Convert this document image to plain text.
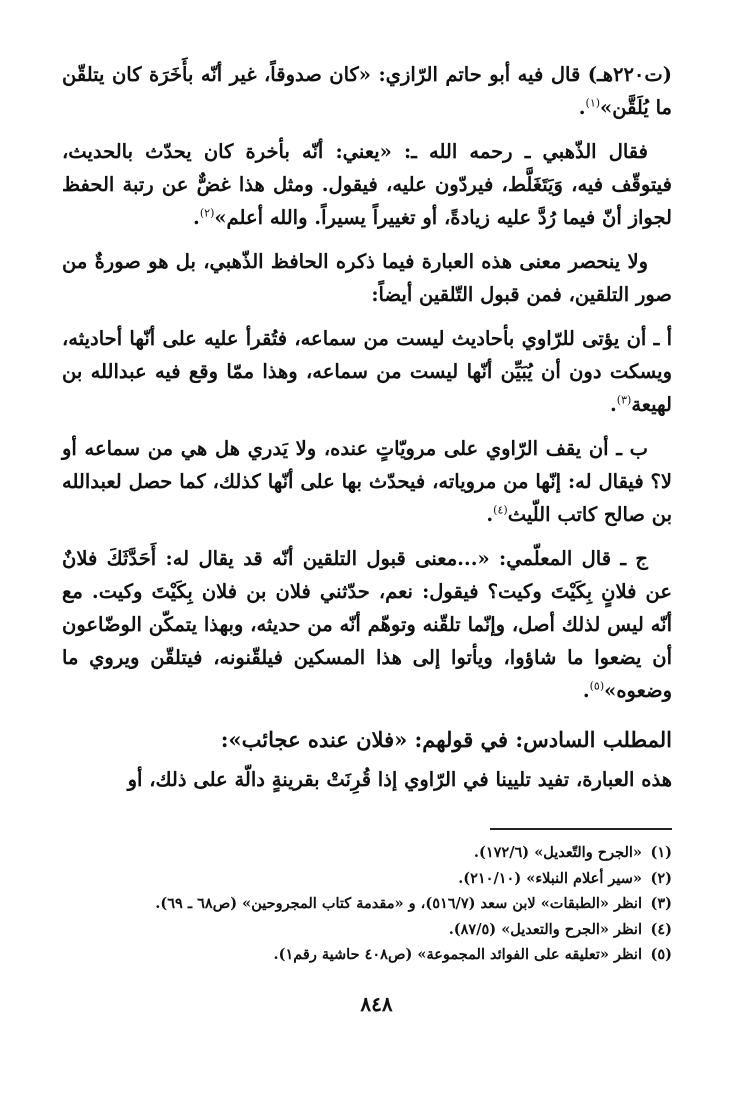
(ت٢٢٠هـ) قال فيه أبو حاتم الرّازي: «كان صدوقاً، غير أنّه بأَخَرَة كان يتلقّن ما يُلَقَّن»$^{(١)}$.

فقال الذّهبي ـ رحمه الله ـ: «يعني: أنّه بأخرة كان يحدّث بالحديث، فيتوقّف فيه، وَيَتَغَلَّط، فيردّون عليه، فيقول. ومثل هذا غضٌّ عن رتبة الحفظ لجواز أنّ فيما رُدَّ عليه زيادةً، أو تغييراً يسيراً. والله أعلم»$^{(٢)}$.

ولا ينحصر معنى هذه العبارة فيما ذكره الحافظ الذّهبي، بل هو صورةٌ من صور التلقين، فمن قبول التّلقين أيضاً:

أ ـ أن يؤتى للرّاوي بأحاديث ليست من سماعه، فتُقرأ عليه على أنّها أحاديثه، ويسكت دون أن يُبَيِّن أنّها ليست من سماعه، وهذا ممّا وقع فيه عبدالله بن لهيعة$^{(٣)}$.

ب ـ أن يقف الرّاوي على مرويّاتٍ عنده، ولا يَدري هل هي من سماعه أو لا؟ فيقال له: إنّها من مروياته، فيحدّث بها على أنّها كذلك، كما حصل لعبدالله بن صالح كاتب اللّيث$^{(٤)}$.

ج ـ قال المعلّمي: «...معنى قبول التلقين أنّه قد يقال له: أَحَدَّثَكَ فلانٌ عن فلانٍ بِكَيْتَ وكيت؟ فيقول: نعم، حدّثني فلان بن فلان بِكَيْتَ وكيت. مع أنّه ليس لذلك أصل، وإنّما تلقّنه وتوهّم أنّه من حديثه، وبهذا يتمكّن الوضّاعون أن يضعوا ما شاؤوا، ويأتوا إلى هذا المسكين فيلقّنونه، فيتلقّن ويروي ما وضعوه»$^{(٥)}$.

المطلب السادس: في قولهم: «فلان عنده عجائب»:

هذه العبارة، تفيد تليينا في الرّاوي إذا قُرِنَتْ بقرينةٍ دالّة على ذلك، أو

(١)«الجرح والتّعديل» (١٧٢/٦).
(٢)«سير أعلام النبلاء» (٢١٠/١٠).
(٣)انظر «الطبقات» لابن سعد (٥١٦/٧)، و «مقدمة كتاب المجروحين» (ص٦٨ ـ ٦٩).
(٤)انظر «الجرح والتعديل» (٨٧/٥).
(٥)انظر «تعليقه على الفوائد المجموعة» (ص٤٠٨ حاشية رقم١).
٨٤٨
